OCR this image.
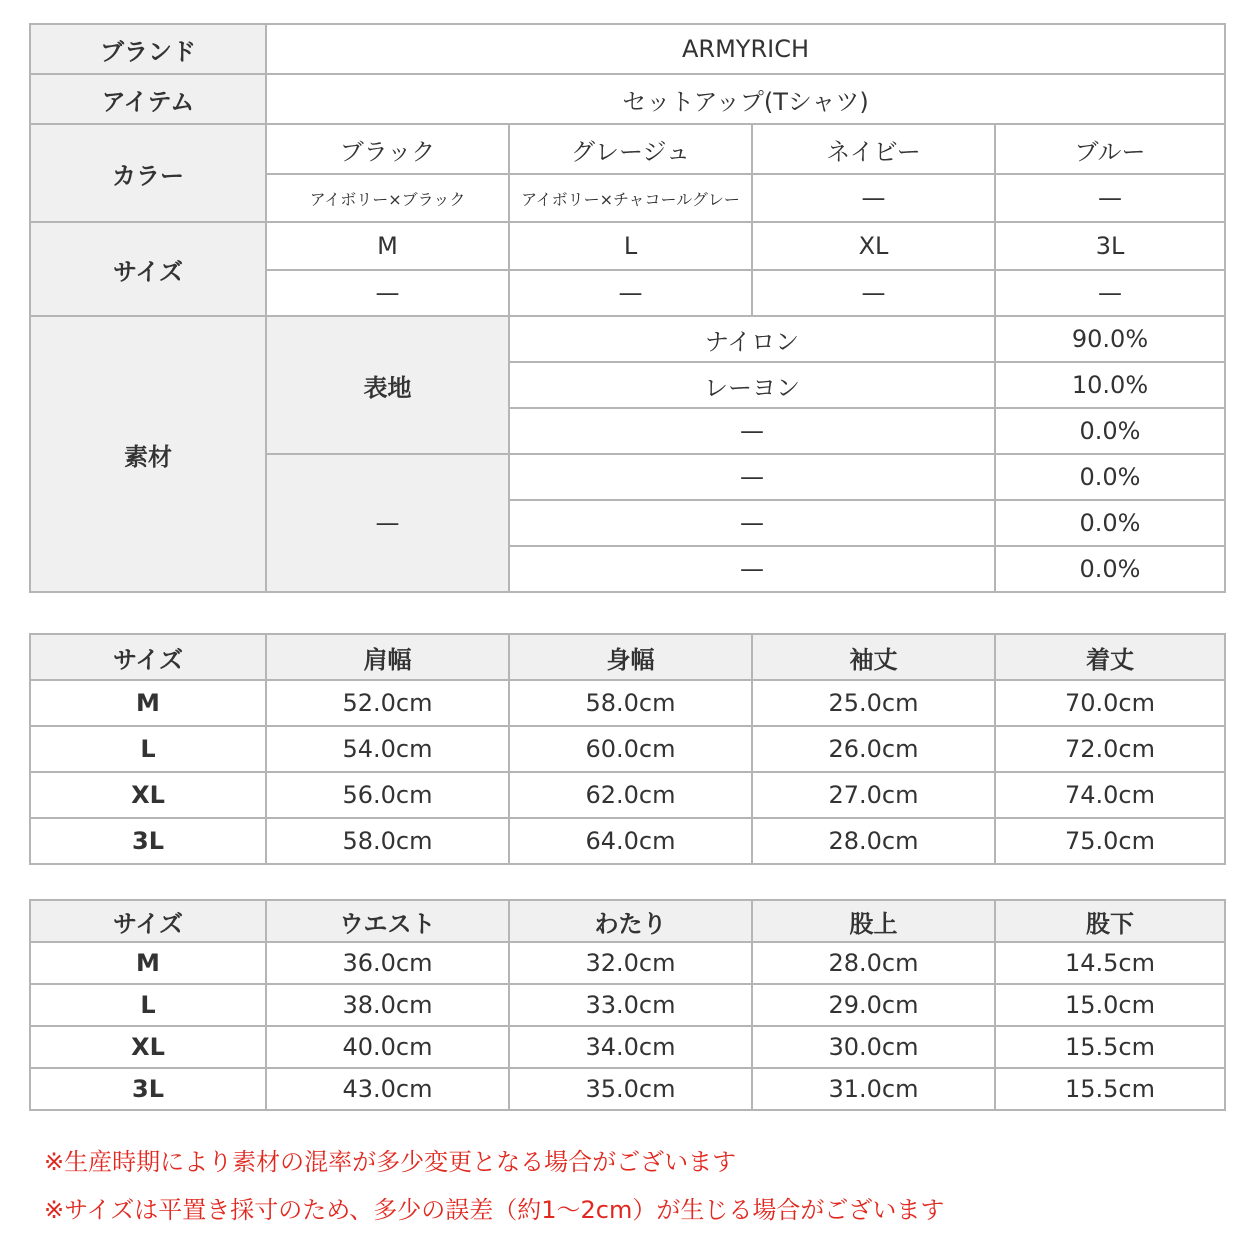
ブランド	ARMYRICH			
アイテム	セットアップ(Tシャツ)			
カラー	ブラック	グレージュ	ネイビー	ブルー
	アイボリー×ブラック	アイボリー×チャコールグレー	—	—
サイズ	M	L	XL	3L
	—	—	—	—
素材	表地	ナイロン		90.0%
		レーヨン		10.0%
		—		0.0%
	—	—		0.0%
		—		0.0%
		—		0.0%
サイズ	肩幅	身幅	袖丈	着丈
M	52.0cm	58.0cm	25.0cm	70.0cm
L	54.0cm	60.0cm	26.0cm	72.0cm
XL	56.0cm	62.0cm	27.0cm	74.0cm
3L	58.0cm	64.0cm	28.0cm	75.0cm
サイズ	ウエスト	わたり	股上	股下
M	36.0cm	32.0cm	28.0cm	14.5cm
L	38.0cm	33.0cm	29.0cm	15.0cm
XL	40.0cm	34.0cm	30.0cm	15.5cm
3L	43.0cm	35.0cm	31.0cm	15.5cm
※生産時期により素材の混率が多少変更となる場合がございます
※サイズは平置き採寸のため、多少の誤差（約1～2cm）が生じる場合がございます
